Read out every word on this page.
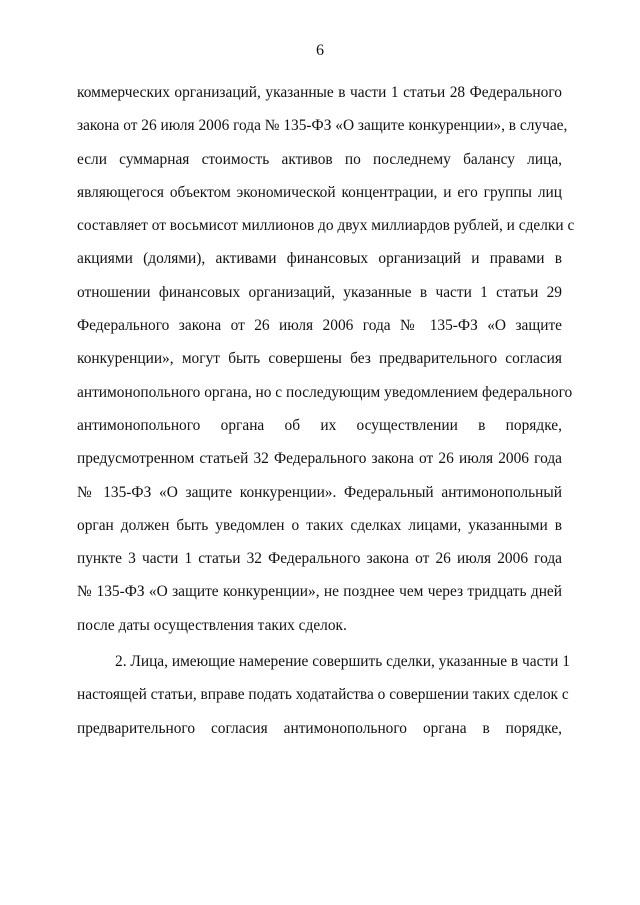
6
коммерческих организаций, указанные в части 1 статьи 28 Федерального
закона от 26 июля 2006 года № 135-ФЗ «О защите конкуренции», в случае,
если суммарная стоимость активов по последнему балансу лица,
являющегося объектом экономической концентрации, и его группы лиц
составляет от восьмисот миллионов до двух миллиардов рублей, и сделки с
акциями (долями), активами финансовых организаций и правами в
отношении финансовых организаций, указанные в части 1 статьи 29
Федерального закона от 26 июля 2006 года № 135-ФЗ «О защите
конкуренции», могут быть совершены без предварительного согласия
антимонопольного органа, но с последующим уведомлением федерального
антимонопольного органа об их осуществлении в порядке,
предусмотренном статьей 32 Федерального закона от 26 июля 2006 года
№ 135-ФЗ «О защите конкуренции». Федеральный антимонопольный
орган должен быть уведомлен о таких сделках лицами, указанными в
пункте 3 части 1 статьи 32 Федерального закона от 26 июля 2006 года
№ 135-ФЗ «О защите конкуренции», не позднее чем через тридцать дней
после даты осуществления таких сделок.
2. Лица, имеющие намерение совершить сделки, указанные в части 1
настоящей статьи, вправе подать ходатайства о совершении таких сделок с
предварительного согласия антимонопольного органа в порядке,
